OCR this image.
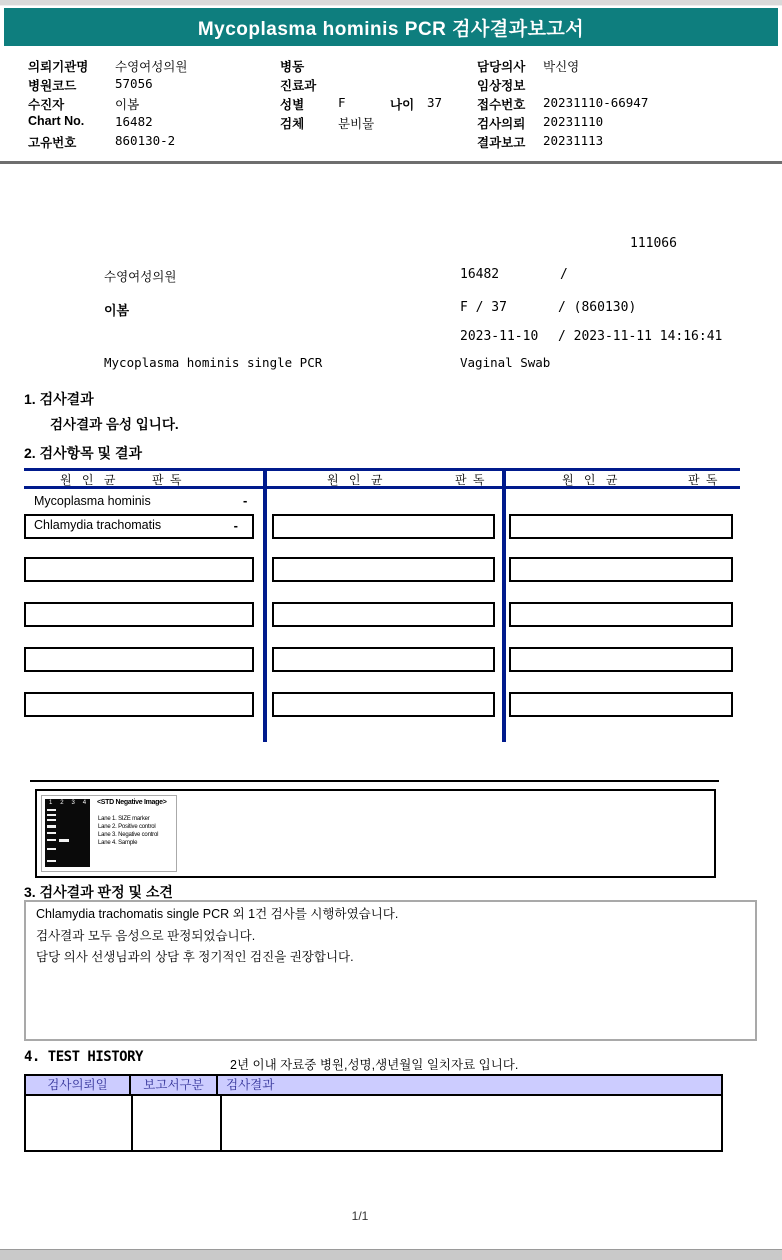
Mycoplasma hominis PCR 검사결과보고서
의뢰기관명 수영여성의원
병원코드	57056
수진자	이봄
Chart No. 16482
고유번호	860130-2
병동
진료과
성별	F	나이 37
검체	분비물
담당의사 박신영
임상정보
접수번호 20231110-66947
검사의뢰 20231110
결과보고 20231113
111066
수영여성의원	16482	/
이봄	F / 37	/ (860130)
2023-11-10 / 2023-11-11 14:16:41
Mycoplasma hominis single PCR	Vaginal Swab
1. 검사결과
검사결과 음성 입니다.
2. 검사항목 및 결과
원 인 균	판 독	원 인 균	판 독	원 인 균	판 독
Mycoplasma hominis	-
Chlamydia trachomatis	-
1 2 3 4 <STD Negative Image>
Lane 1. SIZE marker
Lane 2. Positive control
Lane 3. Negative control
Lane 4. Sample
3. 검사결과 판정 및 소견
Chlamydia trachomatis single PCR 외 1건 검사를 시행하였습니다.
검사결과 모두 음성으로 판정되었습니다.
담당 의사 선생님과의 상담 후 정기적인 검진을 권장합니다.
4. TEST HISTORY	2년 이내 자료중 병원,성명,생년월일 일치자료 입니다.
검사의뢰일	보고서구분	검사결과
1/1
